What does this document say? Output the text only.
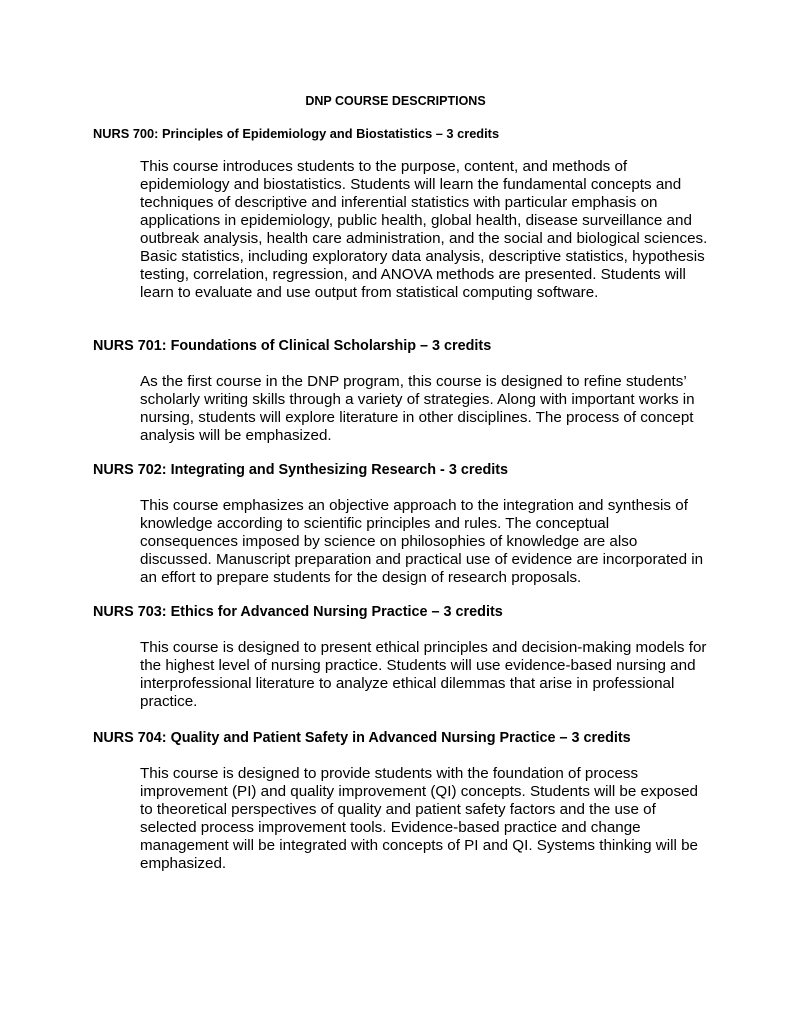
DNP COURSE DESCRIPTIONS
NURS 700: Principles of Epidemiology and Biostatistics – 3 credits

This course introduces students to the purpose, content, and methods of epidemiology and biostatistics. Students will learn the fundamental concepts and techniques of descriptive and inferential statistics with particular emphasis on applications in epidemiology, public health, global health, disease surveillance and outbreak analysis, health care administration, and the social and biological sciences. Basic statistics, including exploratory data analysis, descriptive statistics, hypothesis testing, correlation, regression, and ANOVA methods are presented. Students will learn to evaluate and use output from statistical computing software.

NURS 701: Foundations of Clinical Scholarship – 3 credits

As the first course in the DNP program, this course is designed to refine students’ scholarly writing skills through a variety of strategies. Along with important works in nursing, students will explore literature in other disciplines. The process of concept analysis will be emphasized.

NURS 702: Integrating and Synthesizing Research - 3 credits

This course emphasizes an objective approach to the integration and synthesis of knowledge according to scientific principles and rules. The conceptual consequences imposed by science on philosophies of knowledge are also discussed. Manuscript preparation and practical use of evidence are incorporated in an effort to prepare students for the design of research proposals.

NURS 703: Ethics for Advanced Nursing Practice – 3 credits

This course is designed to present ethical principles and decision-making models for the highest level of nursing practice. Students will use evidence-based nursing and interprofessional literature to analyze ethical dilemmas that arise in professional practice.

NURS 704: Quality and Patient Safety in Advanced Nursing Practice – 3 credits

This course is designed to provide students with the foundation of process improvement (PI) and quality improvement (QI) concepts. Students will be exposed to theoretical perspectives of quality and patient safety factors and the use of selected process improvement tools. Evidence-based practice and change management will be integrated with concepts of PI and QI. Systems thinking will be emphasized.
